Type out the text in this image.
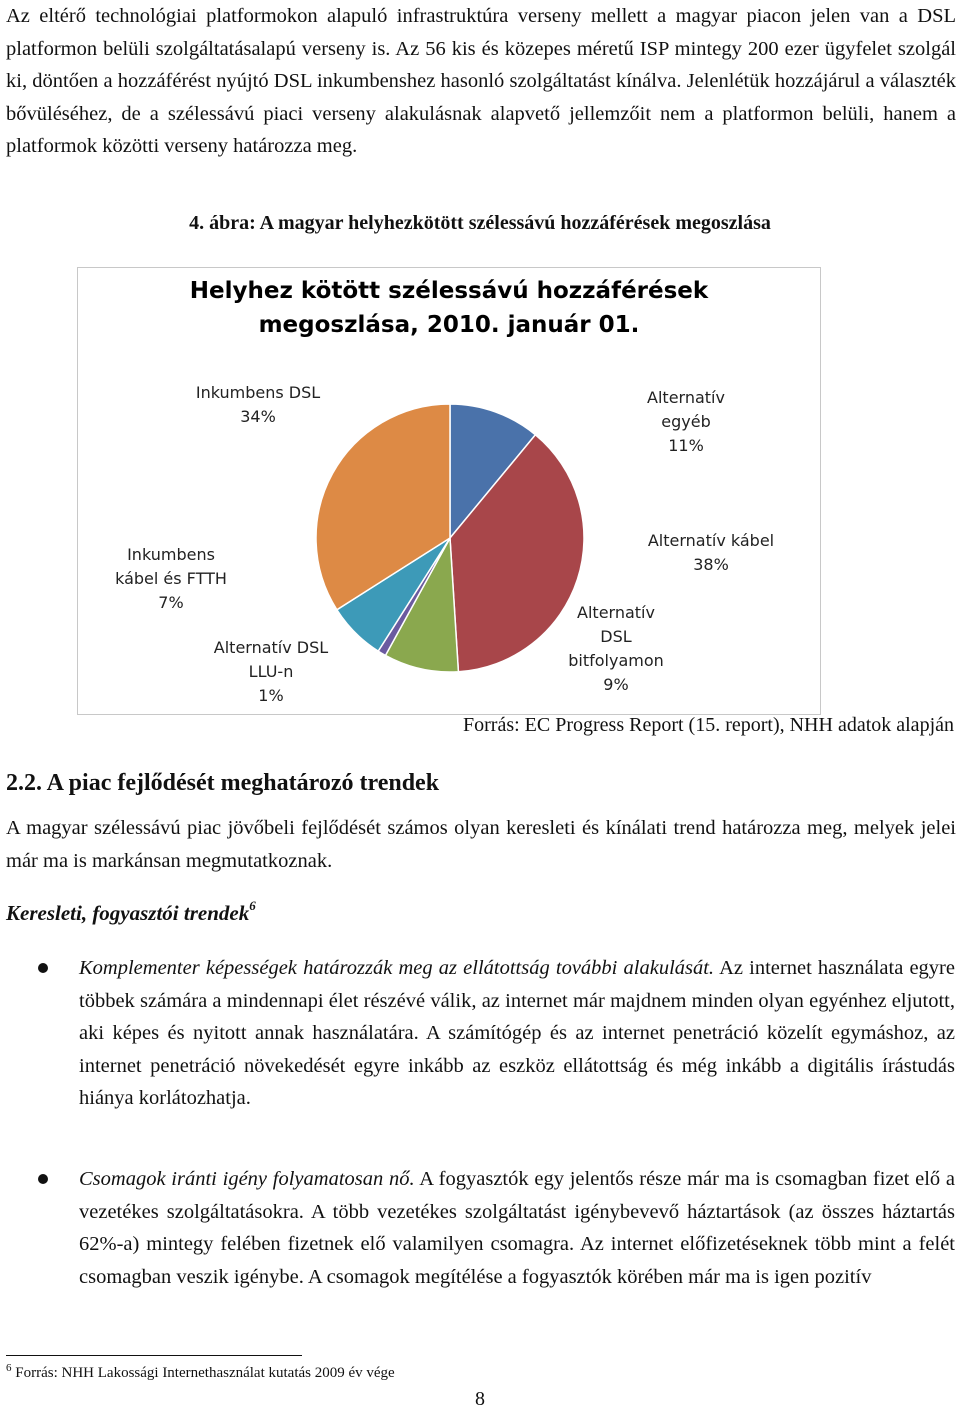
Az eltérő technológiai platformokon alapuló infrastruktúra verseny mellett a magyar piacon jelen van a DSL platformon belüli szolgáltatásalapú verseny is. Az 56 kis és közepes méretű ISP mintegy 200 ezer ügyfelet szolgál ki, döntően a hozzáférést nyújtó DSL inkumbenshez hasonló szolgáltatást kínálva. Jelenlétük hozzájárul a választék bővüléséhez, de a szélessávú piaci verseny alakulásnak alapvető jellemzőit nem a platformon belüli, hanem a platformok közötti verseny határozza meg.
4. ábra: A magyar helyhezkötött szélessávú hozzáférések megoszlása
Helyhez kötött szélessávú hozzáférések
megoszlása, 2010. január 01.
Alternatív
egyéb
11%
Alternatív kábel
38%
Alternatív
DSL
bitfolyamon
9%
Alternatív DSL
LLU-n
1%
Inkumbens
kábel és FTTH
7%
Inkumbens DSL
34%
Forrás: EC Progress Report (15. report), NHH adatok alapján
2.2. A piac fejlődését meghatározó trendek
A magyar szélessávú piac jövőbeli fejlődését számos olyan keresleti és kínálati trend határozza meg, melyek jelei már ma is markánsan megmutatkoznak.
Keresleti, fogyasztói trendek$^6$
Komplementer képességek határozzák meg az ellátottság további alakulását. Az internet használata egyre többek számára a mindennapi élet részévé válik, az internet már majdnem minden olyan egyénhez eljutott, aki képes és nyitott annak használatára. A számítógép és az internet penetráció közelít egymáshoz, az internet penetráció növekedését egyre inkább az eszköz ellátottság és még inkább a digitális írástudás hiánya korlátozhatja.
Csomagok iránti igény folyamatosan nő. A fogyasztók egy jelentős része már ma is csomagban fizet elő a vezetékes szolgáltatásokra. A több vezetékes szolgáltatást igénybevevő háztartások (az összes háztartás 62%-a) mintegy felében fizetnek elő valamilyen csomagra. Az internet előfizetéseknek több mint a felét csomagban veszik igénybe. A csomagok megítélése a fogyasztók körében már ma is igen pozitív
$^6$ Forrás: NHH Lakossági Internethasználat kutatás 2009 év vége
8
